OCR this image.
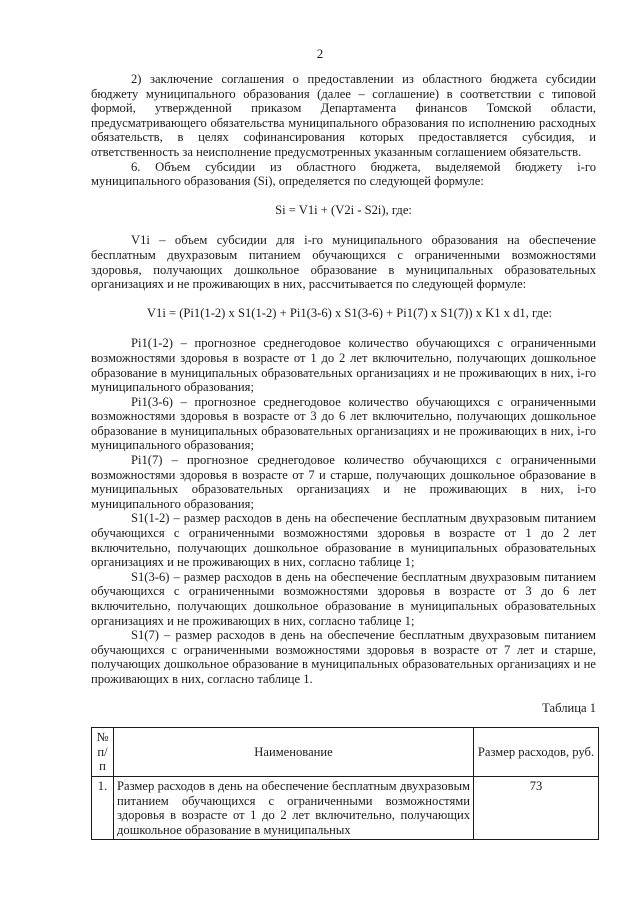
2

2) заключение соглашения о предоставлении из областного бюджета субсидии бюджету муниципального образования (далее – соглашение) в соответствии с типовой формой, утвержденной приказом Департамента финансов Томской области, предусматривающего обязательства муниципального образования по исполнению расходных обязательств, в целях софинансирования которых предоставляется субсидия, и ответственность за неисполнение предусмотренных указанным соглашением обязательств.

6. Объем субсидии из областного бюджета, выделяемой бюджету i-го муниципального образования (Si), определяется по следующей формуле:

Si = V1i + (V2i - S2i), где:

V1i – объем субсидии для i-го муниципального образования на обеспечение бесплатным двухразовым питанием обучающихся с ограниченными возможностями здоровья, получающих дошкольное образование в муниципальных образовательных организациях и не проживающих в них, рассчитывается по следующей формуле:

V1i = (Pi1(1-2) x S1(1-2) + Pi1(3-6) x S1(3-6) + Pi1(7) x S1(7)) x K1 x d1, где:

Pi1(1-2) – прогнозное среднегодовое количество обучающихся с ограниченными возможностями здоровья в возрасте от 1 до 2 лет включительно, получающих дошкольное образование в муниципальных образовательных организациях и не проживающих в них, i-го муниципального образования;

Pi1(3-6) – прогнозное среднегодовое количество обучающихся с ограниченными возможностями здоровья в возрасте от 3 до 6 лет включительно, получающих дошкольное образование в муниципальных образовательных организациях и не проживающих в них, i-го муниципального образования;

Pi1(7) – прогнозное среднегодовое количество обучающихся с ограниченными возможностями здоровья в возрасте от 7 и старше, получающих дошкольное образование в муниципальных образовательных организациях и не проживающих в них, i-го муниципального образования;

S1(1-2) – размер расходов в день на обеспечение бесплатным двухразовым питанием обучающихся с ограниченными возможностями здоровья в возрасте от 1 до 2 лет включительно, получающих дошкольное образование в муниципальных образовательных организациях и не проживающих в них, согласно таблице 1;

S1(3-6) – размер расходов в день на обеспечение бесплатным двухразовым питанием обучающихся с ограниченными возможностями здоровья в возрасте от 3 до 6 лет включительно, получающих дошкольное образование в муниципальных образовательных организациях и не проживающих в них, согласно таблице 1;

S1(7) – размер расходов в день на обеспечение бесплатным двухразовым питанием обучающихся с ограниченными возможностями здоровья в возрасте от 7 лет и старше, получающих дошкольное образование в муниципальных образовательных организациях и не проживающих в них, согласно таблице 1.

Таблица 1

№ п/п	Наименование	Размер расходов, руб.
1.	Размер расходов в день на обеспечение бесплатным двухразовым питанием обучающихся с ограниченными возможностями здоровья в возрасте от 1 до 2 лет включительно, получающих дошкольное образование в муниципальных	73
